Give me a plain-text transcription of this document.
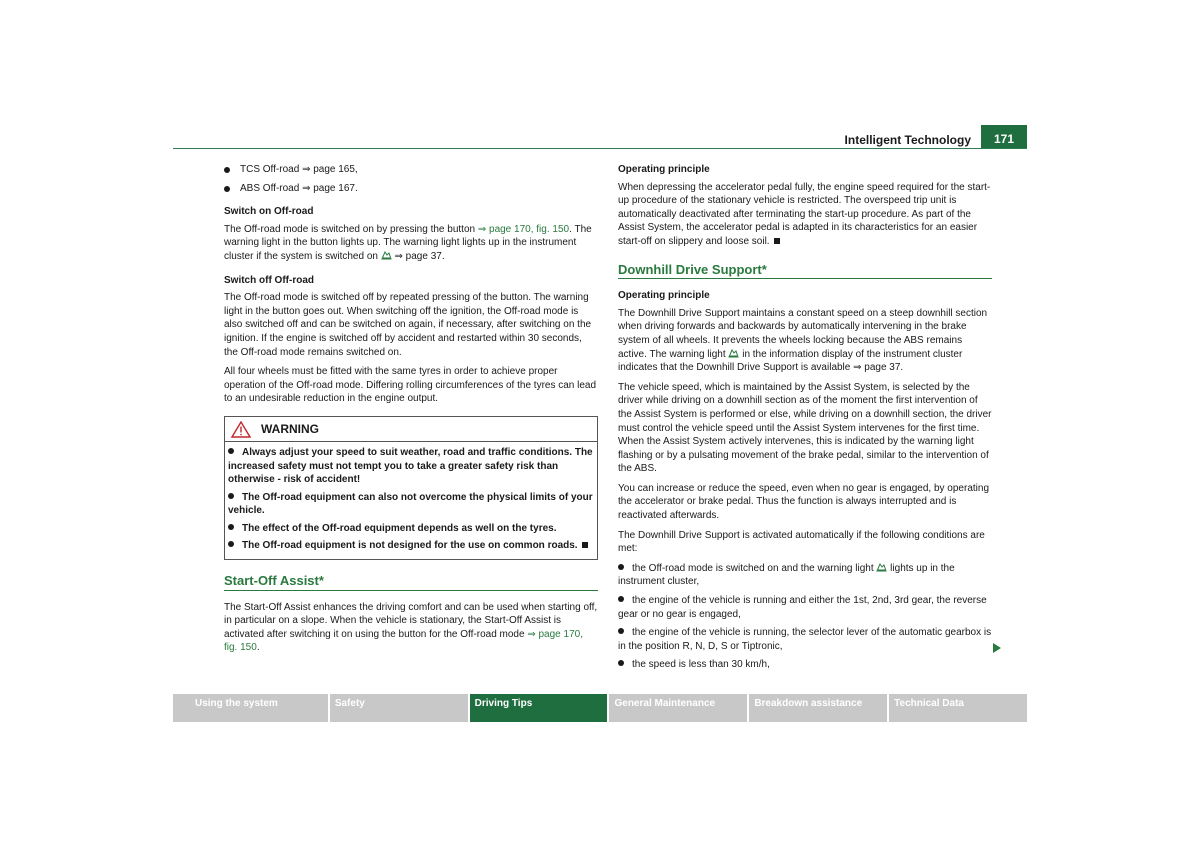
Intelligent Technology	171
TCS Off-road ⇒ page 165,
ABS Off-road ⇒ page 167.
Switch on Off-road

The Off-road mode is switched on by pressing the button ⇒ page 170, fig. 150. The warning light in the button lights up. The warning light lights up in the instrument cluster if the system is switched on  ⇒ page 37.

Switch off Off-road

The Off-road mode is switched off by repeated pressing of the button. The warning light in the button goes out. When switching off the ignition, the Off-road mode is also switched off and can be switched on again, if necessary, after switching on the ignition. If the engine is switched off by accident and restarted within 30 seconds, the Off-road mode remains switched on.

All four wheels must be fitted with the same tyres in order to achieve proper operation of the Off-road mode. Differing rolling circumferences of the tyres can lead to an undesirable reduction in the engine output.

WARNING
Always adjust your speed to suit weather, road and traffic conditions. The increased safety must not tempt you to take a greater safety risk than otherwise - risk of accident!
The Off-road equipment can also not overcome the physical limits of your vehicle.
The effect of the Off-road equipment depends as well on the tyres.
The Off-road equipment is not designed for the use on common roads.
Start-Off Assist*

The Start-Off Assist enhances the driving comfort and can be used when starting off, in particular on a slope. When the vehicle is stationary, the Start-Off Assist is activated after switching it on using the button for the Off-road mode ⇒ page 170, fig. 150.

Operating principle

When depressing the accelerator pedal fully, the engine speed required for the start-up procedure of the stationary vehicle is restricted. The overspeed trip unit is automatically deactivated after terminating the start-up procedure. As part of the Assist System, the accelerator pedal is adapted in its characteristics for an easier start-off on slippery and loose soil.

Downhill Drive Support*
Operating principle

The Downhill Drive Support maintains a constant speed on a steep downhill section when driving forwards and backwards by automatically intervening in the brake system of all wheels. It prevents the wheels locking because the ABS remains active. The warning light  in the information display of the instrument cluster indicates that the Downhill Drive Support is available ⇒ page 37.

The vehicle speed, which is maintained by the Assist System, is selected by the driver while driving on a downhill section as of the moment the first intervention of the Assist System is performed or else, while driving on a downhill section, the driver must control the vehicle speed until the Assist System intervenes for the first time. When the Assist System actively intervenes, this is indicated by the warning light flashing or by a pulsating movement of the brake pedal, similar to the intervention of the ABS.

You can increase or reduce the speed, even when no gear is engaged, by operating the accelerator or brake pedal. Thus the function is always interrupted and is reactivated afterwards.

The Downhill Drive Support is activated automatically if the following conditions are met:

the Off-road mode is switched on and the warning light  lights up in the instrument cluster,
the engine of the vehicle is running and either the 1st, 2nd, 3rd gear, the reverse gear or no gear is engaged,
the engine of the vehicle is running, the selector lever of the automatic gearbox is in the position R, N, D, S or Tiptronic,
the speed is less than 30 km/h,
Using the system	Safety	Driving Tips	General Maintenance	Breakdown assistance	Technical Data
